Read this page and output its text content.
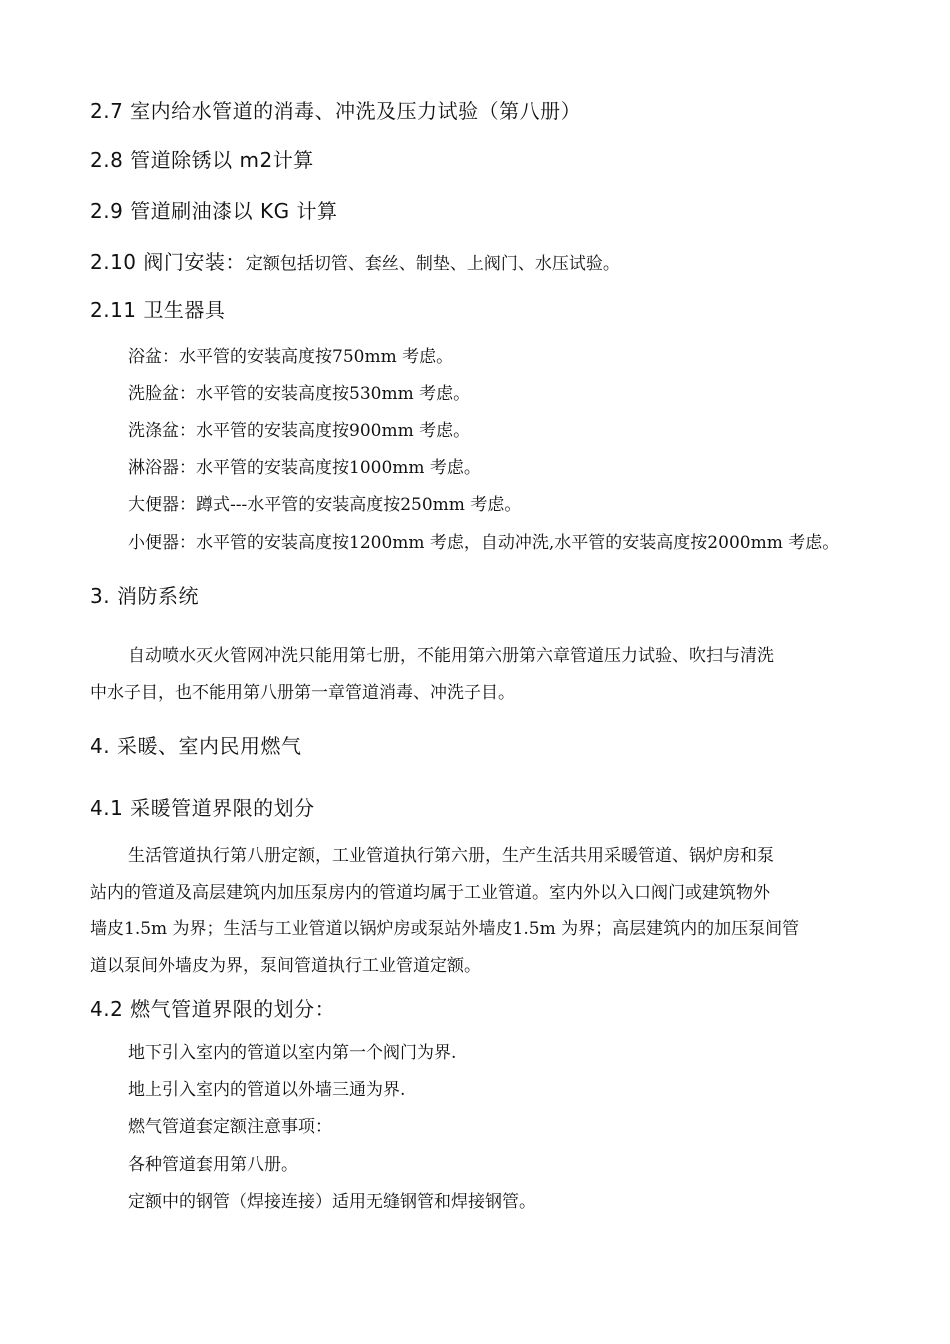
2.7 室内给水管道的消毒、冲洗及压力试验（第八册）
2.8 管道除锈以 m2计算
2.9 管道刷油漆以 KG 计算
2.10 阀门安装：定额包括切管、套丝、制垫、上阀门、水压试验。
2.11 卫生器具
浴盆：水平管的安装高度按750mm 考虑。
洗脸盆：水平管的安装高度按530mm 考虑。
洗涤盆：水平管的安装高度按900mm 考虑。
淋浴器：水平管的安装高度按1000mm 考虑。
大便器：蹲式---水平管的安装高度按250mm 考虑。
小便器：水平管的安装高度按1200mm 考虑，自动冲洗,水平管的安装高度按2000mm 考虑。
3. 消防系统
自动喷水灭火管网冲洗只能用第七册，不能用第六册第六章管道压力试验、吹扫与清洗
中水子目，也不能用第八册第一章管道消毒、冲洗子目。
4. 采暖、室内民用燃气
4.1 采暖管道界限的划分
生活管道执行第八册定额，工业管道执行第六册，生产生活共用采暖管道、锅炉房和泵
站内的管道及高层建筑内加压泵房内的管道均属于工业管道。室内外以入口阀门或建筑物外
墙皮1.5m 为界；生活与工业管道以锅炉房或泵站外墙皮1.5m 为界；高层建筑内的加压泵间管
道以泵间外墙皮为界，泵间管道执行工业管道定额。
4.2 燃气管道界限的划分：
地下引入室内的管道以室内第一个阀门为界.
地上引入室内的管道以外墙三通为界.
燃气管道套定额注意事项：
各种管道套用第八册。
定额中的钢管（焊接连接）适用无缝钢管和焊接钢管。
